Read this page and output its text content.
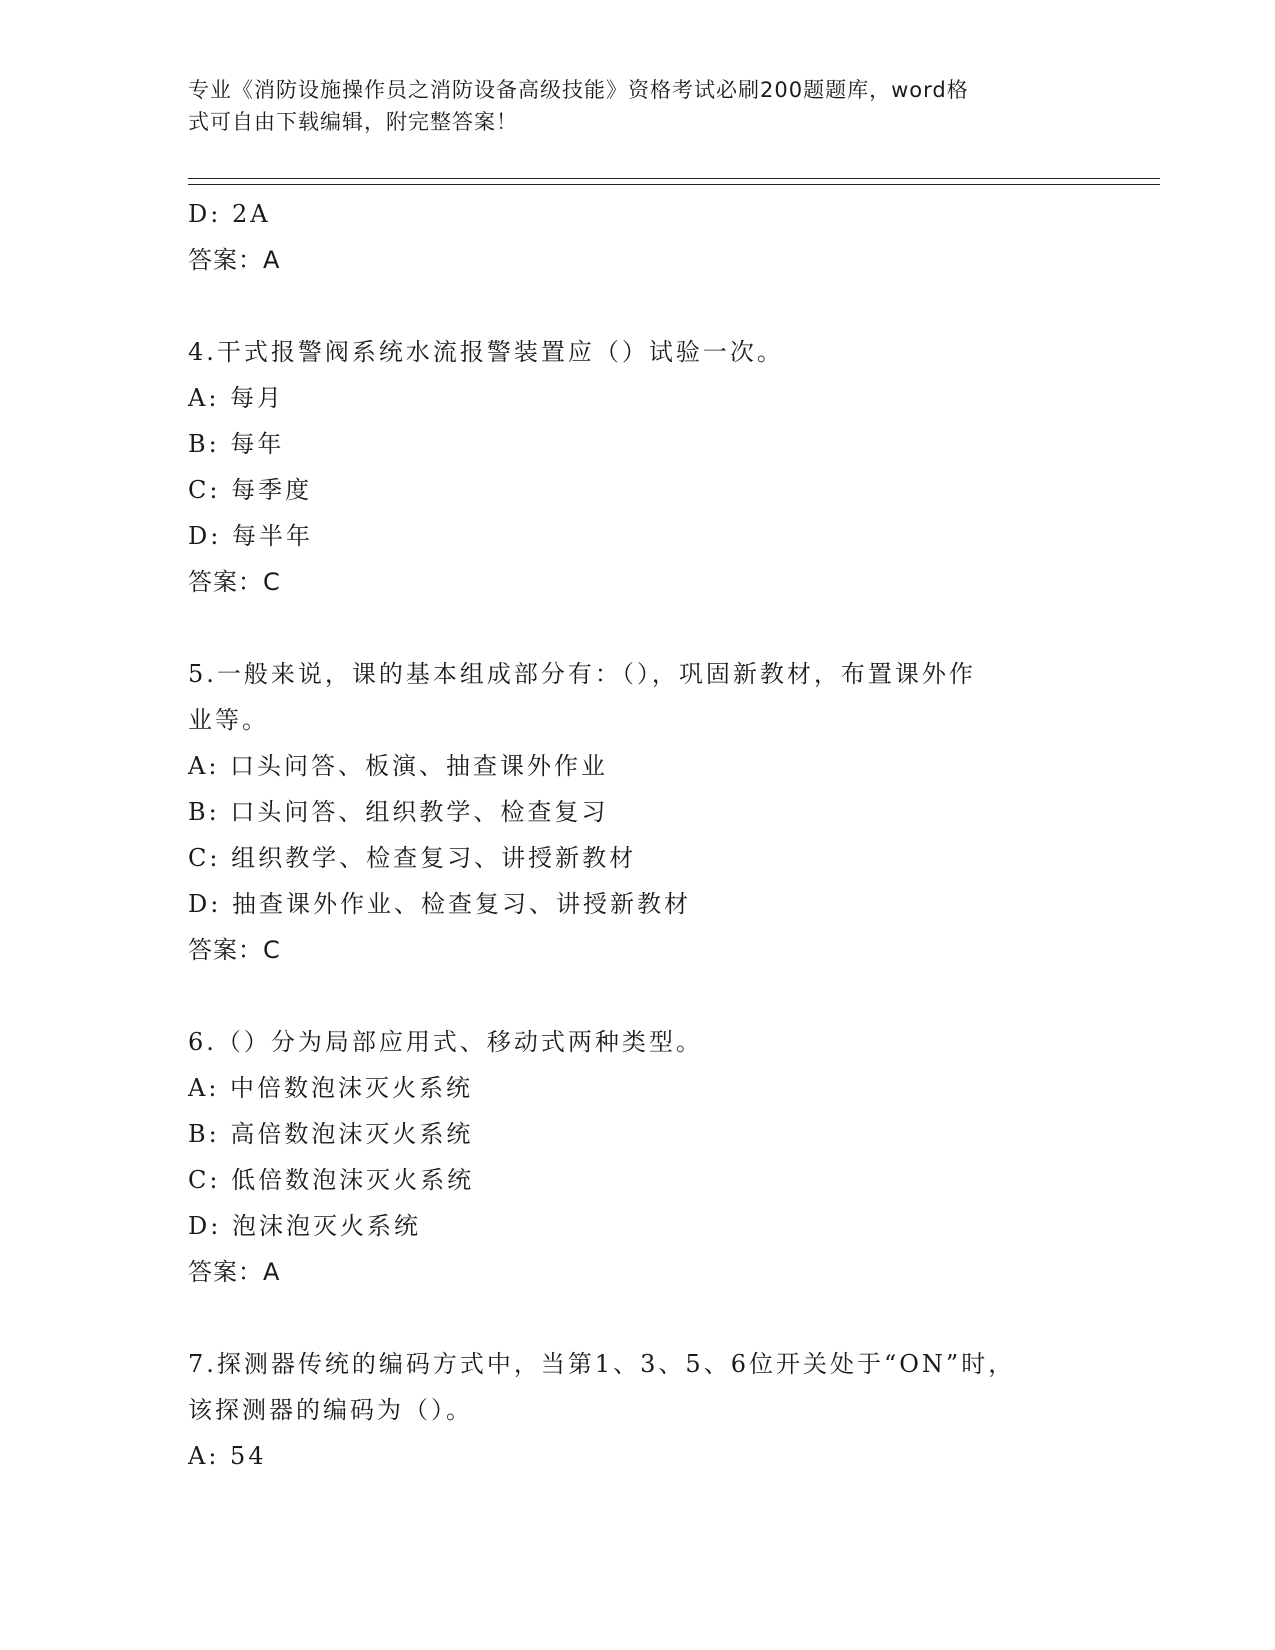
专业《消防设施操作员之消防设备高级技能》资格考试必刷200题题库，word格
式可自由下载编辑，附完整答案！
D: 2A
答案：A
4.干式报警阀系统水流报警装置应（）试验一次。
A: 每月
B: 每年
C: 每季度
D: 每半年
答案：C
5.一般来说，课的基本组成部分有：（），巩固新教材，布置课外作
业等。
A: 口头问答、板演、抽查课外作业
B: 口头问答、组织教学、检查复习
C: 组织教学、检查复习、讲授新教材
D: 抽查课外作业、检查复习、讲授新教材
答案：C
6.（）分为局部应用式、移动式两种类型。
A: 中倍数泡沫灭火系统
B: 高倍数泡沫灭火系统
C: 低倍数泡沫灭火系统
D: 泡沫泡灭火系统
答案：A
7.探测器传统的编码方式中，当第1、3、5、6位开关处于“ON”时，
该探测器的编码为（）。
A: 54
